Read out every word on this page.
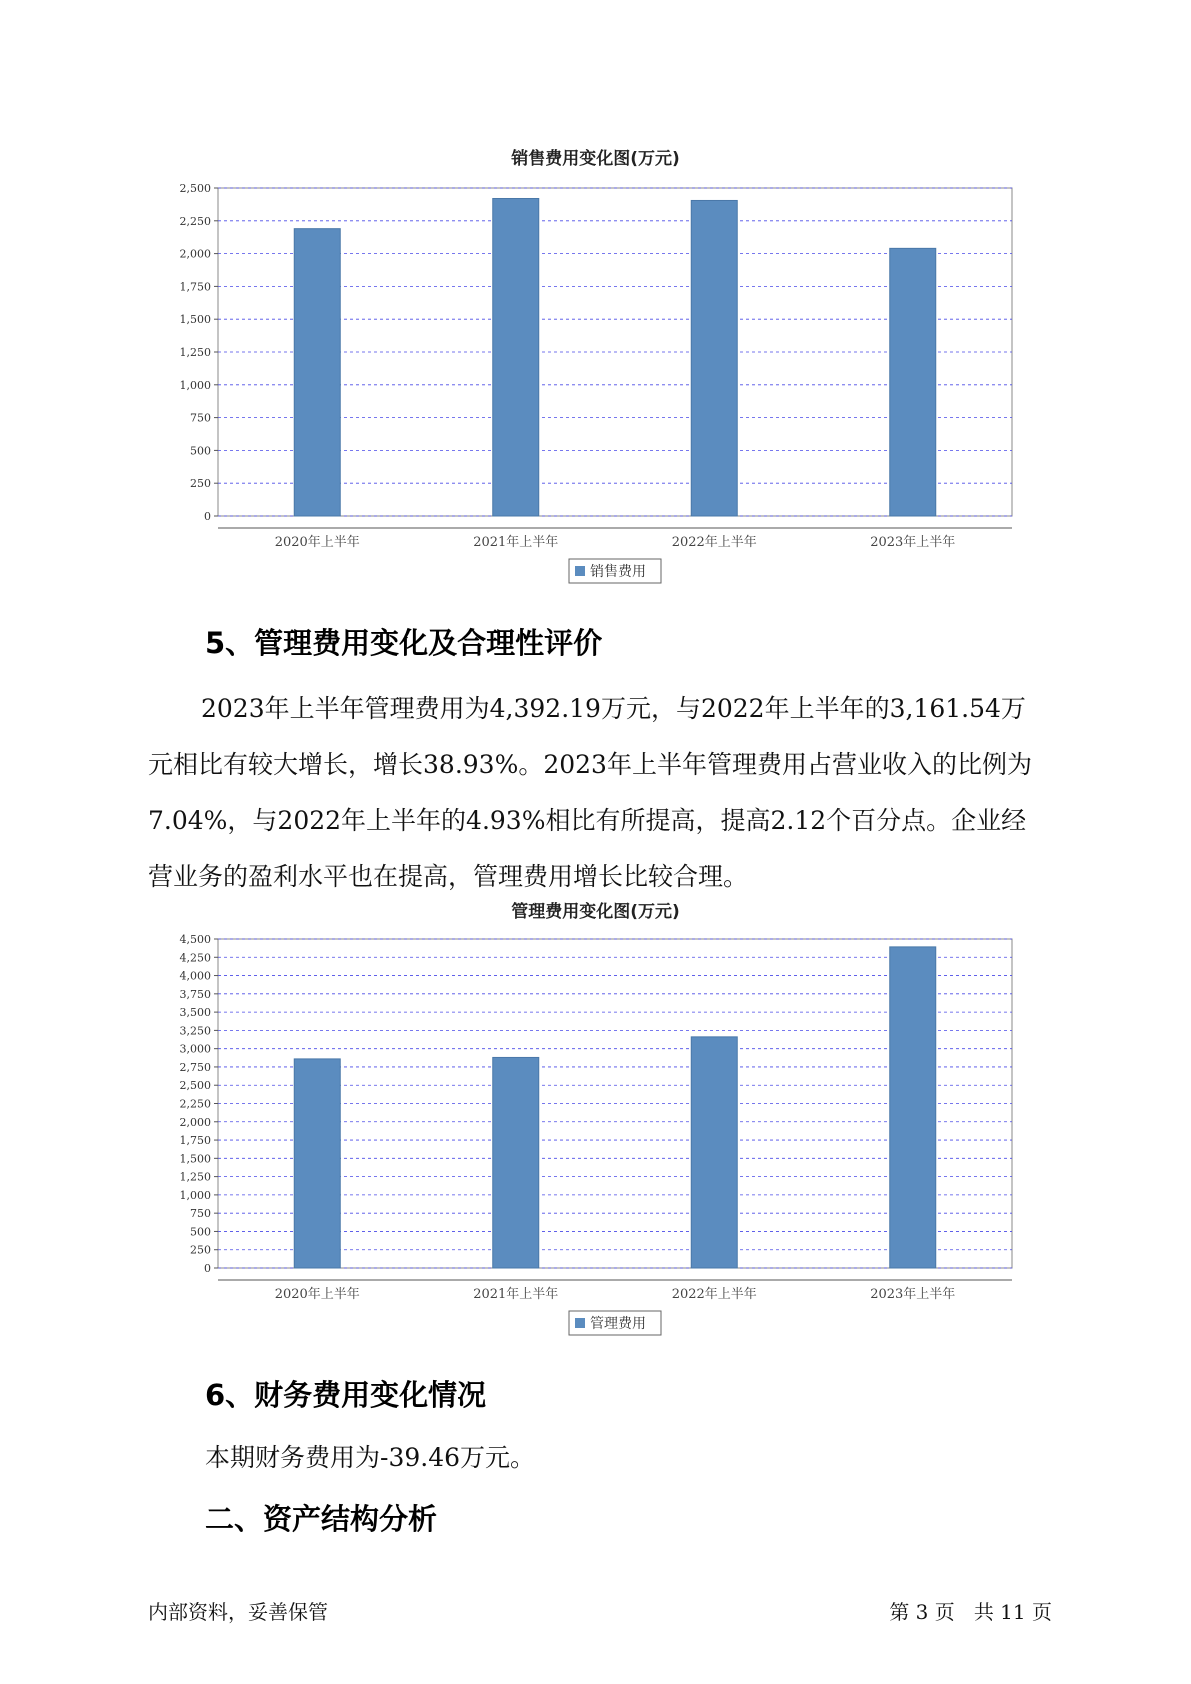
销售费用变化图(万元)
0
250
500
750
1,000
1,250
1,500
1,750
2,000
2,250
2,500
2020年上半年	2021年上半年	2022年上半年	2023年上半年
销售费用
5、管理费用变化及合理性评价

2023年上半年管理费用为4,392.19万元，与2022年上半年的3,161.54万元相比有较大增长，增长38.93%。2023年上半年管理费用占营业收入的比例为7.04%，与2022年上半年的4.93%相比有所提高，提高2.12个百分点。企业经营业务的盈利水平也在提高，管理费用增长比较合理。

管理费用变化图(万元)
0
250
500
750
1,000
1,250
1,500
1,750
2,000
2,250
2,500
2,750
3,000
3,250
3,500
3,750
4,000
4,250
4,500
2020年上半年	2021年上半年	2022年上半年	2023年上半年
管理费用
6、财务费用变化情况

本期财务费用为-39.46万元。

二、资产结构分析
内部资料，妥善保管	第 3 页   共 11 页
